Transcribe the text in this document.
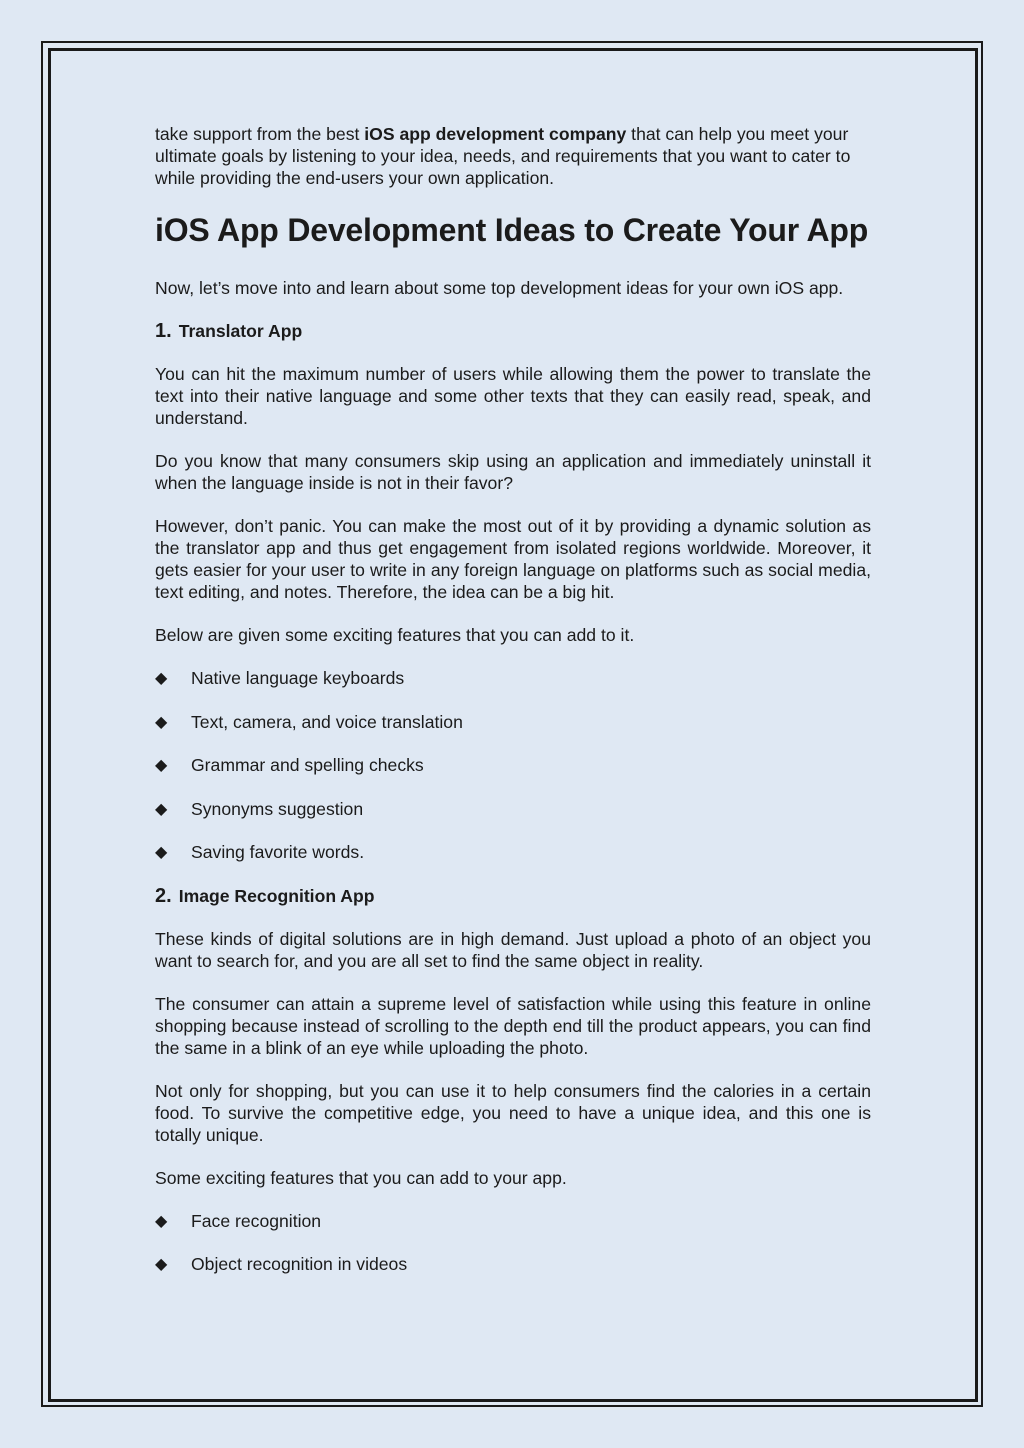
take support from the best iOS app development company that can help you meet your ultimate goals by listening to your idea, needs, and requirements that you want to cater to while providing the end-users your own application.

iOS App Development Ideas to Create Your App

Now, let’s move into and learn about some top development ideas for your own iOS app.

1. Translator App

You can hit the maximum number of users while allowing them the power to translate the text into their native language and some other texts that they can easily read, speak, and understand.

Do you know that many consumers skip using an application and immediately uninstall it when the language inside is not in their favor?

However, don’t panic. You can make the most out of it by providing a dynamic solution as the translator app and thus get engagement from isolated regions worldwide. Moreover, it gets easier for your user to write in any foreign language on platforms such as social media, text editing, and notes. Therefore, the idea can be a big hit.

Below are given some exciting features that you can add to it.

◆ Native language keyboards
◆ Text, camera, and voice translation
◆ Grammar and spelling checks
◆ Synonyms suggestion
◆ Saving favorite words.
2. Image Recognition App

These kinds of digital solutions are in high demand. Just upload a photo of an object you want to search for, and you are all set to find the same object in reality.

The consumer can attain a supreme level of satisfaction while using this feature in online shopping because instead of scrolling to the depth end till the product appears, you can find the same in a blink of an eye while uploading the photo.

Not only for shopping, but you can use it to help consumers find the calories in a certain food. To survive the competitive edge, you need to have a unique idea, and this one is totally unique.

Some exciting features that you can add to your app.

◆ Face recognition
◆ Object recognition in videos
